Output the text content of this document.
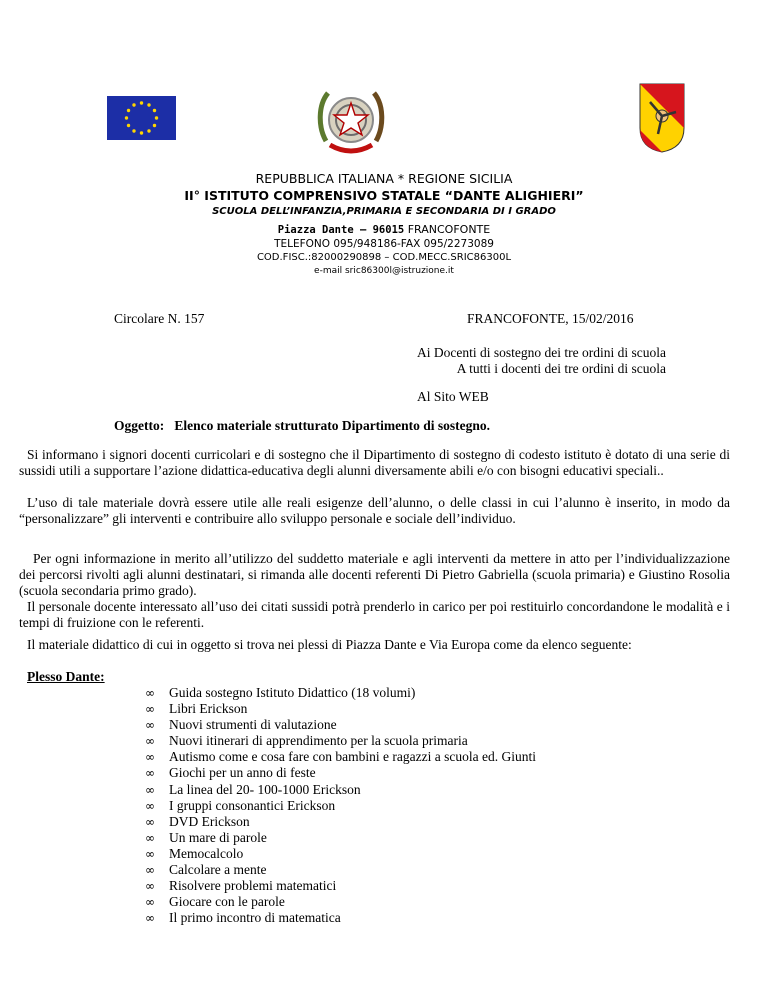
REPUBBLICA ITALIANA * REGIONE SICILIA
II° ISTITUTO COMPRENSIVO STATALE “DANTE ALIGHIERI”
SCUOLA DELL’INFANZIA,PRIMARIA E SECONDARIA DI I GRADO
Piazza Dante – 96015 FRANCOFONTE
TELEFONO 095/948186-FAX 095/2273089
COD.FISC.:82000290898 – COD.MECC.SRIC86300L
e-mail sric86300l@istruzione.it
Circolare N. 157	FRANCOFONTE, 15/02/2016
Ai Docenti di sostegno dei tre ordini di scuola
A tutti i docenti dei tre ordini di scuola
Al Sito WEB
Oggetto:   Elenco materiale strutturato Dipartimento di sostegno.
Si informano i signori docenti curricolari e di sostegno che il Dipartimento di sostegno di codesto istituto è dotato di una serie di sussidi utili a supportare l’azione didattica-educativa degli alunni diversamente abili e/o con bisogni educativi speciali..
L’uso di tale materiale dovrà essere utile alle reali esigenze dell’alunno, o delle classi in cui l’alunno è inserito, in modo da “personalizzare” gli interventi e contribuire allo sviluppo personale e sociale dell’individuo.
Per ogni informazione in merito all’utilizzo del suddetto materiale e agli interventi da mettere in atto per l’individualizzazione dei percorsi rivolti agli alunni destinatari, si rimanda alle docenti referenti Di Pietro Gabriella (scuola primaria) e Giustino Rosolia (scuola secondaria primo grado).
Il personale docente interessato all’uso dei citati sussidi potrà prenderlo in carico per poi restituirlo concordandone le modalità e i tempi di fruizione con le referenti.
Il materiale didattico di cui in oggetto si trova nei plessi di Piazza Dante e Via Europa come da elenco seguente:
Plesso Dante:
∞ Guida sostegno Istituto Didattico (18 volumi)
∞ Libri Erickson
∞ Nuovi strumenti di valutazione
∞ Nuovi itinerari di apprendimento per la scuola primaria
∞ Autismo come e cosa fare con bambini e ragazzi a scuola ed. Giunti
∞ Giochi per un anno di feste
∞ La linea del 20- 100-1000 Erickson
∞ I gruppi consonantici Erickson
∞ DVD Erickson
∞ Un mare di parole
∞ Memocalcolo
∞ Calcolare a mente
∞ Risolvere problemi matematici
∞ Giocare con le parole
∞ Il primo incontro di matematica
